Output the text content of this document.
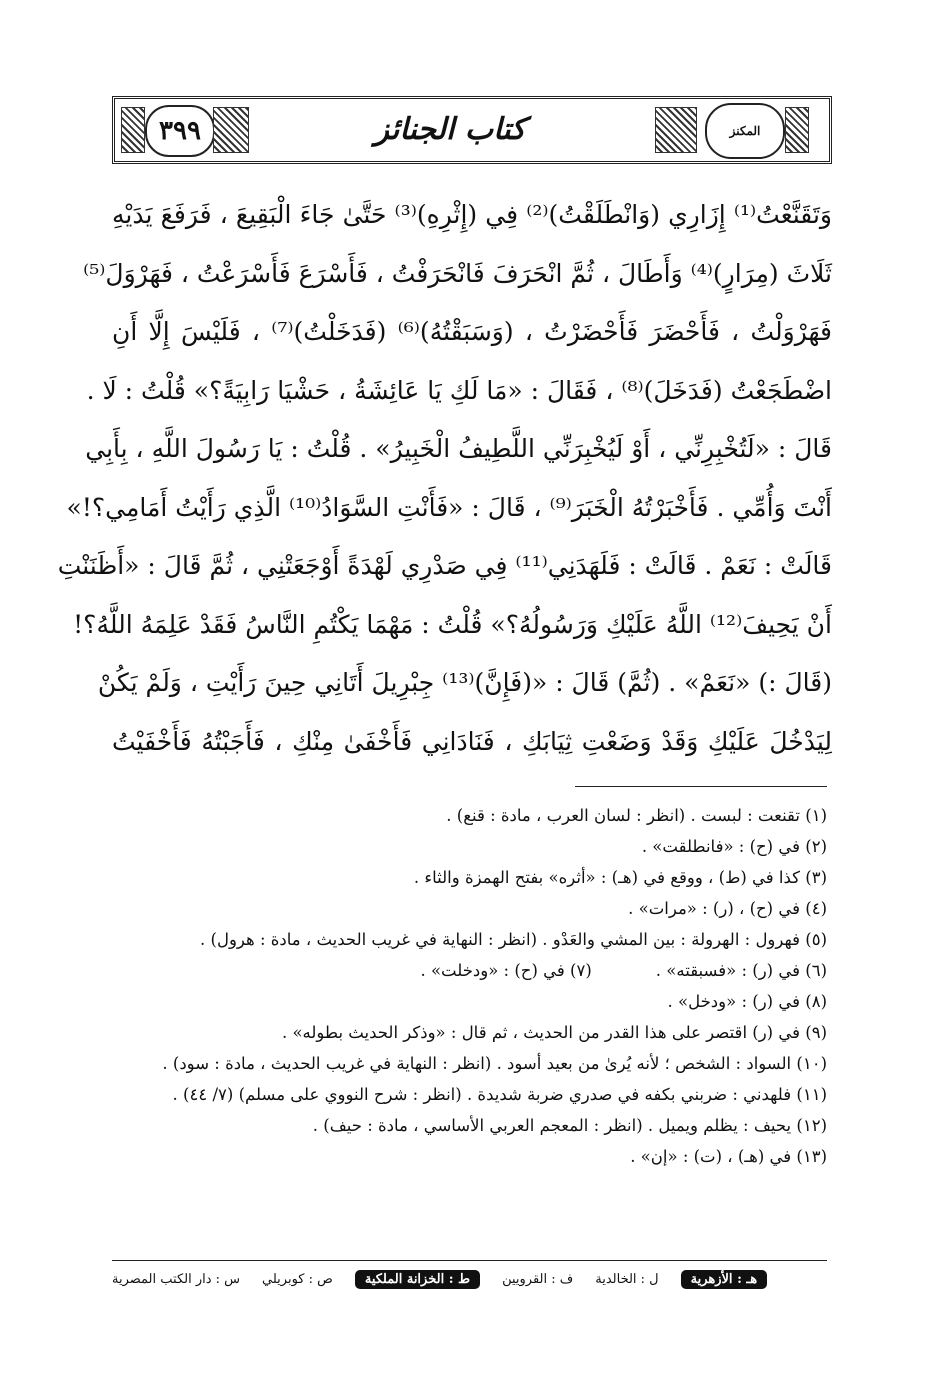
٣٩٩	كتاب الجنائز	المكنز

وَتَقَنَّعْتُ⁽¹⁾ إِزَارِي (وَانْطَلَقْتُ)⁽²⁾ فِي (إِثْرِهِ)⁽³⁾ حَتَّىٰ جَاءَ الْبَقِيعَ ، فَرَفَعَ يَدَيْهِ

ثَلَاثَ (مِرَارٍ)⁽⁴⁾ وَأَطَالَ ، ثُمَّ انْحَرَفَ فَانْحَرَفْتُ ، فَأَسْرَعَ فَأَسْرَعْتُ ، فَهَرْوَلَ⁽⁵⁾

فَهَرْوَلْتُ ، فَأَحْضَرَ فَأَحْضَرْتُ ، (وَسَبَقْتُهُ)⁽⁶⁾ (فَدَخَلْتُ)⁽⁷⁾ ، فَلَيْسَ إِلَّا أَنِ

اضْطَجَعْتُ (فَدَخَلَ)⁽⁸⁾ ، فَقَالَ : «مَا لَكِ يَا عَائِشَةُ ، حَشْيَا رَابِيَةً؟» قُلْتُ : لَا .

قَالَ : «لَتُخْبِرِنِّي ، أَوْ لَيُخْبِرَنِّي اللَّطِيفُ الْخَبِيرُ» . قُلْتُ : يَا رَسُولَ اللَّهِ ، بِأَبِي

أَنْتَ وَأُمِّي . فَأَخْبَرْتُهُ الْخَبَرَ⁽⁹⁾ ، قَالَ : «فَأَنْتِ السَّوَادُ⁽¹⁰⁾ الَّذِي رَأَيْتُ أَمَامِي؟!»

قَالَتْ : نَعَمْ . قَالَتْ : فَلَهَدَنِي⁽¹¹⁾ فِي صَدْرِي لَهْدَةً أَوْجَعَتْنِي ، ثُمَّ قَالَ : «أَظَنَنْتِ

أَنْ يَحِيفَ⁽¹²⁾ اللَّهُ عَلَيْكِ وَرَسُولُهُ؟» قُلْتُ : مَهْمَا يَكْتُمِ النَّاسُ فَقَدْ عَلِمَهُ اللَّهُ؟!

(قَالَ :) «نَعَمْ» . (ثُمَّ) قَالَ : «(فَإِنَّ)⁽¹³⁾ جِبْرِيلَ أَتَانِي حِينَ رَأَيْتِ ، وَلَمْ يَكُنْ

لِيَدْخُلَ عَلَيْكِ وَقَدْ وَضَعْتِ ثِيَابَكِ ، فَنَادَانِي فَأَخْفَىٰ مِنْكِ ، فَأَجَبْتُهُ فَأَخْفَيْتُ

(١) تقنعت : لبست . (انظر : لسان العرب ، مادة : قنع) .

(٢) في (ح) : «فانطلقت» .

(٣) كذا في (ط) ، ووقع في (هـ) : «أثره» بفتح الهمزة والثاء .

(٤) في (ح) ، (ر) : «مرات» .

(٥) فهرول : الهرولة : بين المشي والعَدْو . (انظر : النهاية في غريب الحديث ، مادة : هرول) .

(٦) في (ر) : «فسبقته» .

(٧) في (ح) : «ودخلت» .

(٨) في (ر) : «ودخل» .

(٩) في (ر) اقتصر على هذا القدر من الحديث ، ثم قال : «وذكر الحديث بطوله» .

(١٠) السواد : الشخص ؛ لأنه يُرىٰ من بعيد أسود . (انظر : النهاية في غريب الحديث ، مادة : سود) .

(١١) فلهدني : ضربني بكفه في صدري ضربة شديدة . (انظر : شرح النووي على مسلم) (٧/ ٤٤) .

(١٢) يحيف : يظلم ويميل . (انظر : المعجم العربي الأساسي ، مادة : حيف) .

(١٣) في (هـ) ، (ت) : «إن» .

س : دار الكتب المصرية ص : كوبريلي	ط : الخزانة الملكية	ف : القرويين ل : الخالدية	هـ : الأزهرية
